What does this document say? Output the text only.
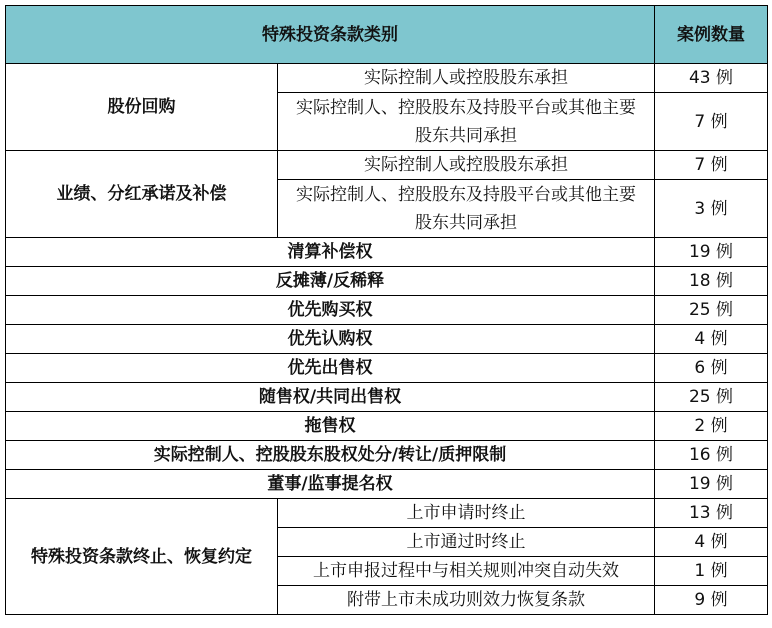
特殊投资条款类别		案例数量
股份回购	实际控制人或控股股东承担	43 例
	实际控制人、控股股东及持股平台或其他主要股东共同承担	7 例
业绩、分红承诺及补偿	实际控制人或控股股东承担	7 例
	实际控制人、控股股东及持股平台或其他主要股东共同承担	3 例
清算补偿权		19 例
反摊薄/反稀释		18 例
优先购买权		25 例
优先认购权		4 例
优先出售权		6 例
随售权/共同出售权		25 例
拖售权		2 例
实际控制人、控股股东股权处分/转让/质押限制		16 例
董事/监事提名权		19 例
特殊投资条款终止、恢复约定	上市申请时终止	13 例
	上市通过时终止	4 例
	上市申报过程中与相关规则冲突自动失效	1 例
	附带上市未成功则效力恢复条款	9 例
